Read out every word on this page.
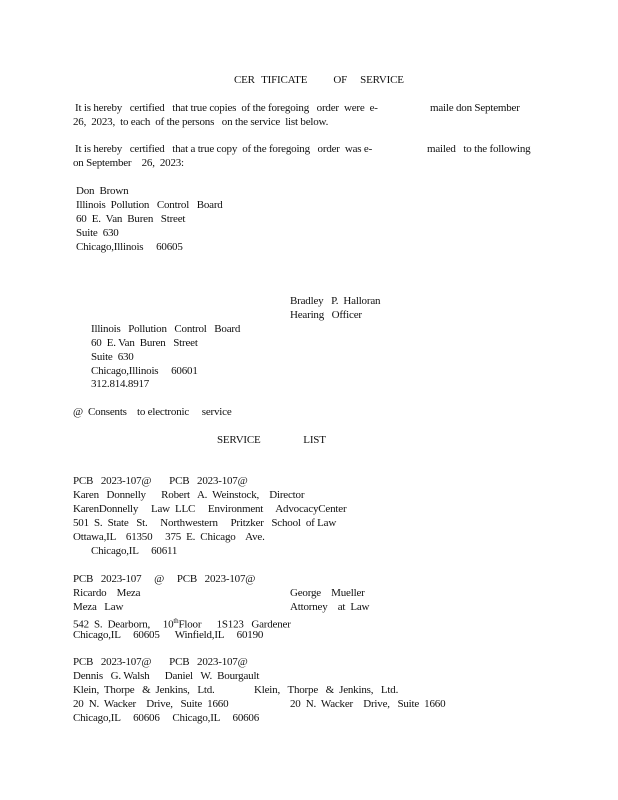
CER TIFICATE    OF  SERVICE
It is hereby   certified   that true copies  of the foregoing   order  were  e-	maile don September
26,  2023,  to each  of the persons   on the service  list below.
It is hereby   certified   that a true copy  of the foregoing   order  was e-	mailed   to the following
on September    26,  2023:
Don  Brown
Illinois  Pollution   Control   Board
60  E.  Van  Buren   Street
Suite  630
Chicago,Illinois     60605
Bradley   P.  Halloran
Hearing   Officer
Illinois   Pollution   Control   Board
60  E. Van  Buren   Street
Suite  630
Chicago,Illinois     60601
312.814.8917
@  Consents    to electronic     service
SERVICE     LIST
PCB   2023-107@       PCB   2023-107@
Karen   Donnelly      Robert   A.  Weinstock,    Director
KarenDonnelly     Law  LLC     Environment     AdvocacyCenter
501  S.  State   St.     Northwestern     Pritzker   School  of Law
Ottawa,IL    61350     375  E.  Chicago    Ave.
Chicago,IL     60611
PCB   2023-107     @     PCB   2023-107@
Ricardo    Meza	George    Mueller
Meza   Law	Attorney    at  Law
542  S.  Dearborn,     10thFloor      1S123   Gardener
Chicago,IL     60605      Winfield,IL     60190
PCB   2023-107@       PCB   2023-107@
Dennis   G. Walsh      Daniel   W.  Bourgault
Klein,  Thorpe   &  Jenkins,   Ltd.	Klein,   Thorpe   &  Jenkins,   Ltd.
20  N.  Wacker    Drive,   Suite  1660	20  N.  Wacker    Drive,   Suite  1660
Chicago,IL     60606     Chicago,IL     60606
